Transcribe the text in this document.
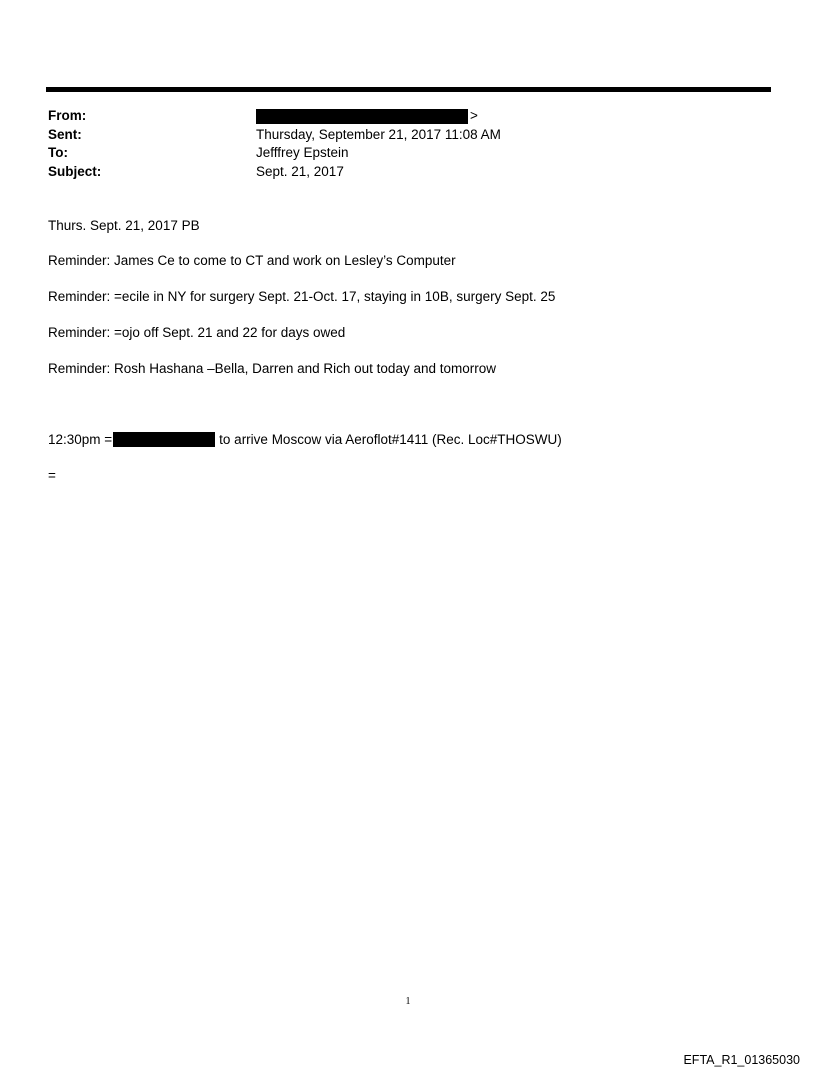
From:	>
Sent:	Thursday, September 21, 2017 11:08 AM
To:	Jefffrey Epstein
Subject:	Sept. 21, 2017
Thurs. Sept. 21, 2017 PB
Reminder: James Ce to come to CT and work on Lesley’s Computer
Reminder: =ecile in NY for surgery Sept. 21-Oct. 17, staying in 10B, surgery Sept. 25
Reminder: =ojo off Sept. 21 and 22 for days owed
Reminder: Rosh Hashana –Bella, Darren and Rich out today and tomorrow
12:30pm =	to arrive Moscow via Aeroflot#1411 (Rec. Loc#THOSWU)
=
1
EFTA_R1_01365030
